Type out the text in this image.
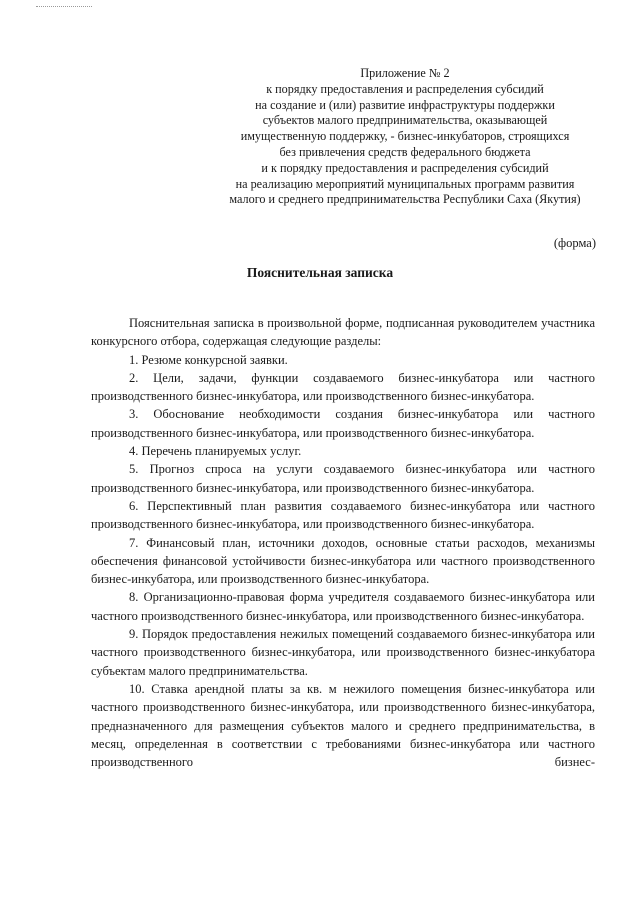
Приложение № 2
к порядку предоставления и распределения субсидий
на создание и (или) развитие инфраструктуры поддержки
субъектов малого предпринимательства, оказывающей
имущественную поддержку, - бизнес-инкубаторов, строящихся
без привлечения средств федерального бюджета
и к порядку предоставления и распределения субсидий
на реализацию мероприятий муниципальных программ развития
малого и среднего предпринимательства Республики Саха (Якутия)
(форма)
Пояснительная записка

Пояснительная записка в произвольной форме, подписанная руководителем участника конкурсного отбора, содержащая следующие разделы:

1. Резюме конкурсной заявки.

2. Цели, задачи, функции создаваемого бизнес-инкубатора или частного производственного бизнес-инкубатора, или производственного бизнес-инкубатора.

3. Обоснование необходимости создания бизнес-инкубатора или частного производственного бизнес-инкубатора, или производственного бизнес-инкубатора.

4. Перечень планируемых услуг.

5. Прогноз спроса на услуги создаваемого бизнес-инкубатора или частного производственного бизнес-инкубатора, или производственного бизнес-инкубатора.

6. Перспективный план развития создаваемого бизнес-инкубатора или частного производственного бизнес-инкубатора, или производственного бизнес-инкубатора.

7. Финансовый план, источники доходов, основные статьи расходов, механизмы обеспечения финансовой устойчивости бизнес-инкубатора или частного производственного бизнес-инкубатора, или производственного бизнес-инкубатора.

8. Организационно-правовая форма учредителя создаваемого бизнес-инкубатора или частного производственного бизнес-инкубатора, или производственного бизнес-инкубатора.

9. Порядок предоставления нежилых помещений создаваемого бизнес-инкубатора или частного производственного бизнес-инкубатора, или производственного бизнес-инкубатора субъектам малого предпринимательства.

10. Ставка арендной платы за кв. м нежилого помещения бизнес-инкубатора или частного производственного бизнес-инкубатора, или производственного бизнес-инкубатора, предназначенного для размещения субъектов малого и среднего предпринимательства, в месяц, определенная в соответствии с требованиями бизнес-инкубатора или частного производственного бизнес-
